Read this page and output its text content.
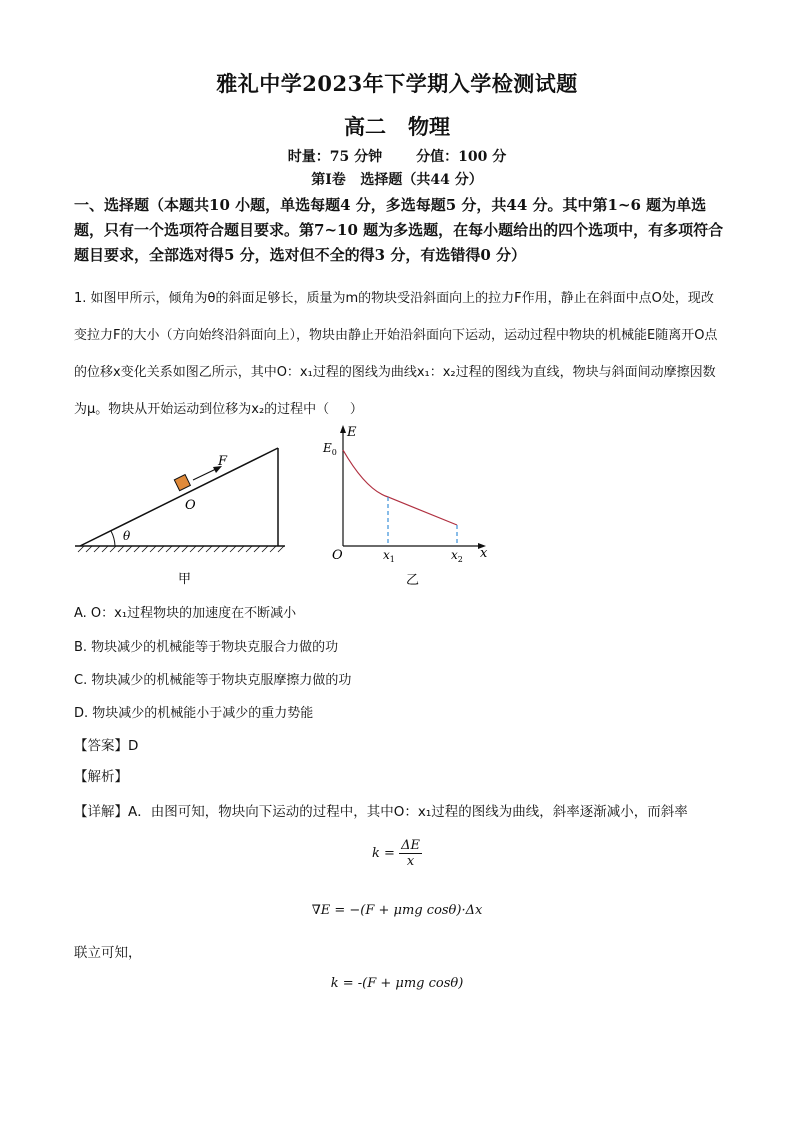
雅礼中学2023年下学期入学检测试题
高二   物理
时量：75 分钟 分值：100 分
第Ⅰ卷   选择题（共44 分）
一、选择题（本题共10 小题，单选每题4 分，多选每题5 分，共44 分。其中第1~6 题为单选题，只有一个选项符合题目要求。第7~10 题为多选题，在每小题给出的四个选项中，有多项符合题目要求，全部选对得5 分，选对但不全的得3 分，有选错得0 分）
1. 如图甲所示，倾角为θ的斜面足够长，质量为m的物块受沿斜面向上的拉力F作用，静止在斜面中点O处，现改变拉力F的大小（方向始终沿斜面向上），物块由静止开始沿斜面向下运动，运动过程中物块的机械能E随离开O点的位移x变化关系如图乙所示，其中O：x₁过程的图线为曲线x₁：x₂过程的图线为直线，物块与斜面间动摩擦因数为μ。物块从开始运动到位移为x₂的过程中（     ）
θ
F
O
甲
E
x
O
$E_0$
$x_1$	$x_2$
乙
A. O：x₁过程物块的加速度在不断减小
C. 物块减少的机械能等于物块克服摩擦力做的功
B. 物块减少的机械能等于物块克服合力做的功
D. 物块减少的机械能小于减少的重力势能
【答案】D
【解析】
【详解】A．由图可知，物块向下运动的过程中，其中O：x₁过程的图线为曲线，斜率逐渐减小，而斜率
$k = \frac{\Delta E}{x}$
∇E = −(F + μmg cosθ)·Δx
联立可知，
k = -(F + μmg cosθ)
